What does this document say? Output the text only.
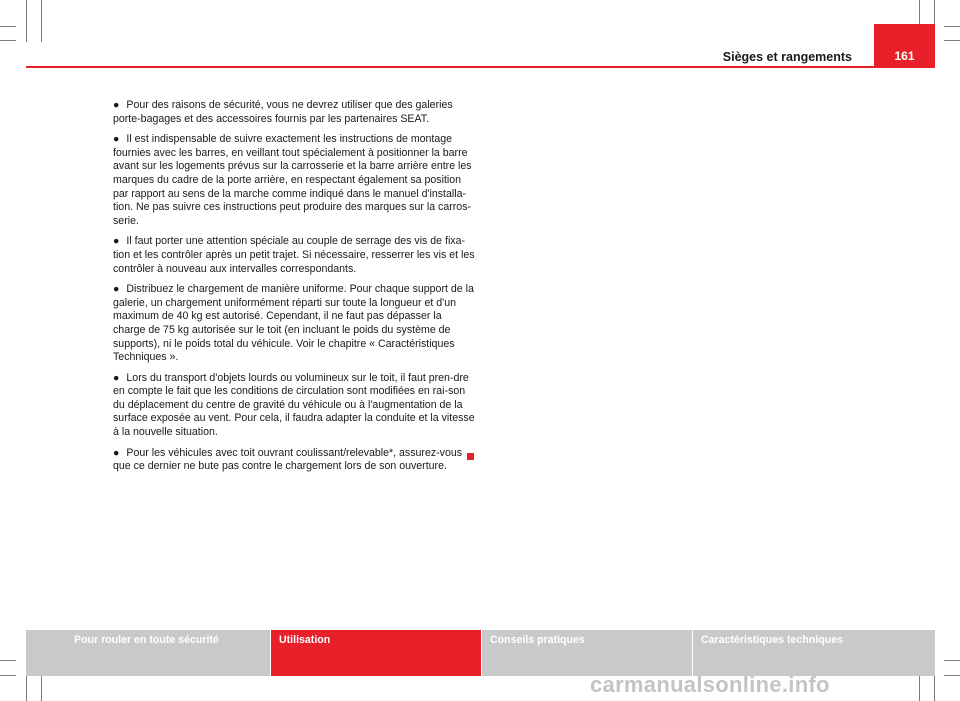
Sièges et rangements	161

● Pour des raisons de sécurité, vous ne devrez utiliser que des galeries porte-bagages et des accessoires fournis par les partenaires SEAT.

● Il est indispensable de suivre exactement les instructions de montage fournies avec les barres, en veillant tout spécialement à positionner la barre avant sur les logements prévus sur la carrosserie et la barre arrière entre les marques du cadre de la porte arrière, en respectant également sa position par rapport au sens de la marche comme indiqué dans le manuel d'installa-tion. Ne pas suivre ces instructions peut produire des marques sur la carros-serie.

● Il faut porter une attention spéciale au couple de serrage des vis de fixa-tion et les contrôler après un petit trajet. Si nécessaire, resserrer les vis et les contrôler à nouveau aux intervalles correspondants.

● Distribuez le chargement de manière uniforme. Pour chaque support de la galerie, un chargement uniformément réparti sur toute la longueur et d'un maximum de 40 kg est autorisé. Cependant, il ne faut pas dépasser la charge de 75 kg autorisée sur le toit (en incluant le poids du système de supports), ni le poids total du véhicule. Voir le chapitre « Caractéristiques Techniques ».

● Lors du transport d'objets lourds ou volumineux sur le toit, il faut pren-dre en compte le fait que les conditions de circulation sont modifiées en rai-son du déplacement du centre de gravité du véhicule ou à l'augmentation de la surface exposée au vent. Pour cela, il faudra adapter la conduite et la vitesse à la nouvelle situation.

● Pour les véhicules avec toit ouvrant coulissant/relevable*, assurez-vous que ce dernier ne bute pas contre le chargement lors de son ouverture.

Pour rouler en toute sécurité	Utilisation	Conseils pratiques	Caractéristiques techniques
carmanualsonline.info
